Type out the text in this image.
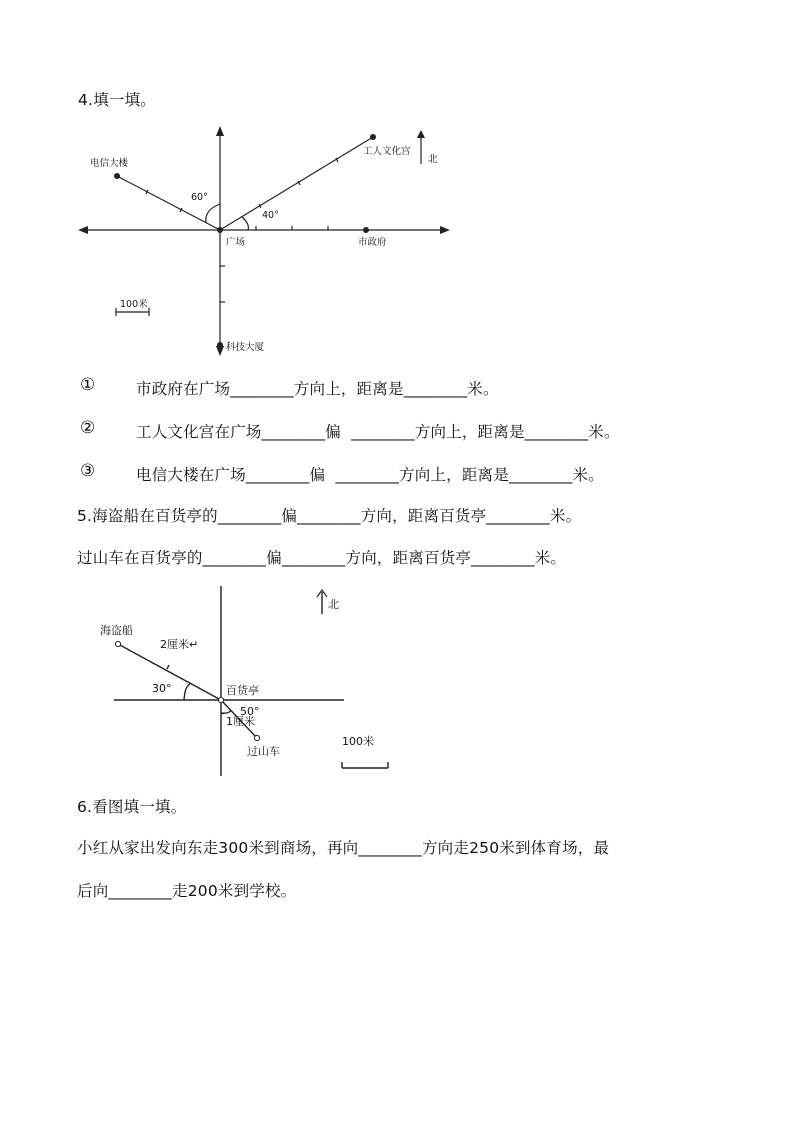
4.填一填。
电信大楼
工人文化宫
北
60°
40°
广场	市政府
100米
科技大厦
①	市政府在广场________方向上，距离是________米。
②	工人文化宫在广场________偏  ________方向上，距离是________米。
③	电信大楼在广场________偏  ________方向上，距离是________米。
5.海盗船在百货亭的________偏________方向，距离百货亭________米。
过山车在百货亭的________偏________方向，距离百货亭________米。
北
海盗船
2厘米↵
30°	百货亭
50°
1厘米
过山车
100米
6.看图填一填。
小红从家出发向东走300米到商场，再向________方向走250米到体育场，最
后向________走200米到学校。
